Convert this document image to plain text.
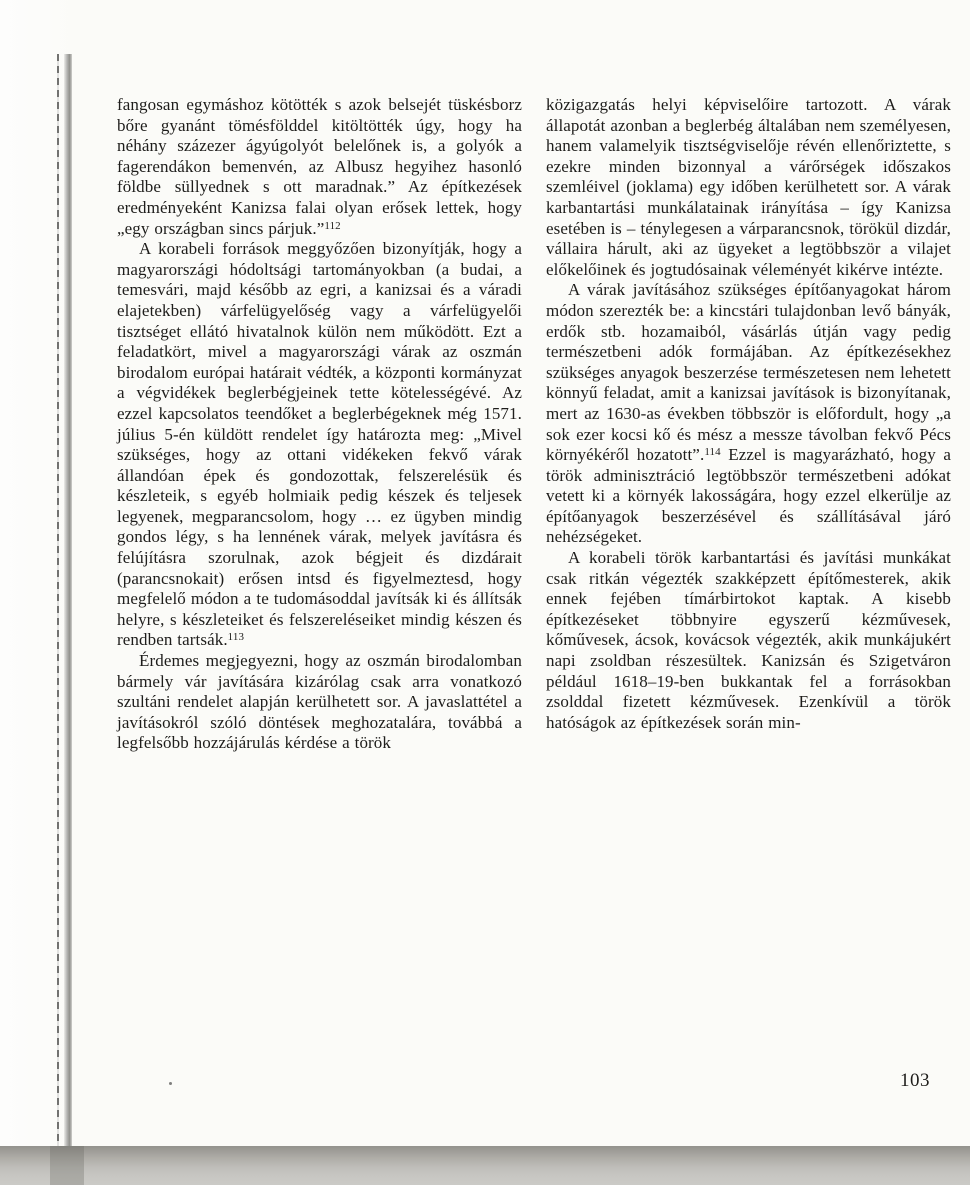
fangosan egymáshoz kötötték s azok belsejét tüskésborz bőre gyanánt tömésfölddel kitöltötték úgy, hogy ha néhány százezer ágyúgolyót belelőnek is, a golyók a fagerendákon bemenvén, az Albusz hegyihez hasonló földbe süllyednek s ott maradnak.” Az építkezések eredményeként Kanizsa falai olyan erősek lettek, hogy „egy országban sincs párjuk.”$^{112}$

A korabeli források meggyőzően bizonyítják, hogy a magyarországi hódoltsági tartományokban (a budai, a temesvári, majd később az egri, a kanizsai és a váradi elajetekben) várfelügyelőség vagy a várfelügyelői tisztséget ellátó hivatalnok külön nem működött. Ezt a feladatkört, mivel a magyarországi várak az oszmán birodalom európai határait védték, a központi kormányzat a végvidékek beglerbégjeinek tette kötelességévé. Az ezzel kapcsolatos teendőket a beglerbégeknek még 1571. július 5-én küldött rendelet így határozta meg: „Mivel szükséges, hogy az ottani vidékeken fekvő várak állandóan épek és gondozottak, felszerelésük és készleteik, s egyéb holmiaik pedig készek és teljesek legyenek, megparancsolom, hogy … ez ügyben mindig gondos légy, s ha lennének várak, melyek javításra és felújításra szorulnak, azok bégjeit és dizdárait (parancsnokait) erősen intsd és figyelmeztesd, hogy megfelelő módon a te tudomásoddal javítsák ki és állítsák helyre, s készleteiket és felszereléseiket mindig készen és rendben tartsák.$^{113}$

Érdemes megjegyezni, hogy az oszmán birodalomban bármely vár javítására kizárólag csak arra vonatkozó szultáni rendelet alapján kerülhetett sor. A javaslattétel a javításokról szóló döntések meghozatalára, továbbá a legfelsőbb hozzájárulás kérdése a török

közigazgatás helyi képviselőire tartozott. A várak állapotát azonban a beglerbég általában nem személyesen, hanem valamelyik tisztségviselője révén ellenőriztette, s ezekre minden bizonnyal a várőrségek időszakos szemléivel (joklama) egy időben kerülhetett sor. A várak karbantartási munkálatainak irányítása – így Kanizsa esetében is – ténylegesen a várparancsnok, törökül dizdár, vállaira hárult, aki az ügyeket a legtöbbször a vilajet előkelőinek és jogtudósainak véleményét kikérve intézte.

A várak javításához szükséges építőanyagokat három módon szerezték be: a kincstári tulajdonban levő bányák, erdők stb. hozamaiból, vásárlás útján vagy pedig természetbeni adók formájában. Az építkezésekhez szükséges anyagok beszerzése természetesen nem lehetett könnyű feladat, amit a kanizsai javítások is bizonyítanak, mert az 1630-as években többször is előfordult, hogy „a sok ezer kocsi kő és mész a messze távolban fekvő Pécs környékéről hozatott”.$^{114}$ Ezzel is magyarázható, hogy a török adminisztráció legtöbbször természetbeni adókat vetett ki a környék lakosságára, hogy ezzel elkerülje az építőanyagok beszerzésével és szállításával járó nehézségeket.

A korabeli török karbantartási és javítási munkákat csak ritkán végezték szakképzett építőmesterek, akik ennek fejében tímárbirtokot kaptak. A kisebb építkezéseket többnyire egyszerű kézművesek, kőművesek, ácsok, kovácsok végezték, akik munkájukért napi zsoldban részesültek. Kanizsán és Szigetváron például 1618–19-ben bukkantak fel a forrásokban zsolddal fizetett kézművesek. Ezenkívül a török hatóságok az építkezések során min-

103
